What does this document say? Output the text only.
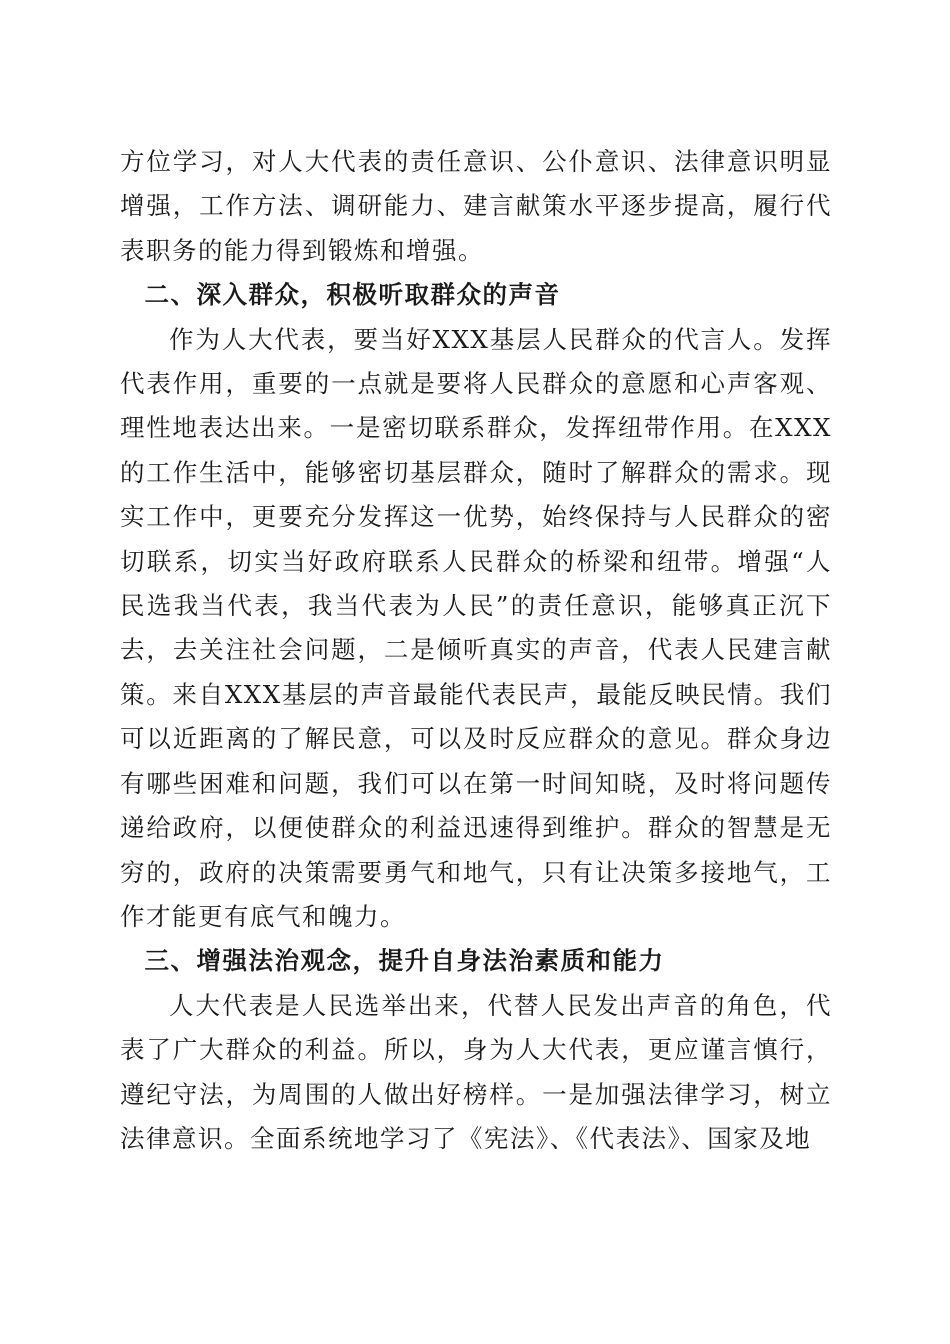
方位学习，对人大代表的责任意识、公仆意识、法律意识明显增强，工作方法、调研能力、建言献策水平逐步提高，履行代表职务的能力得到锻炼和增强。

二、深入群众，积极听取群众的声音

作为人大代表，要当好XXX基层人民群众的代言人。发挥代表作用，重要的一点就是要将人民群众的意愿和心声客观、理性地表达出来。一是密切联系群众，发挥纽带作用。在XXX的工作生活中，能够密切基层群众，随时了解群众的需求。现实工作中，更要充分发挥这一优势，始终保持与人民群众的密切联系，切实当好政府联系人民群众的桥梁和纽带。增强“人民选我当代表，我当代表为人民”的责任意识，能够真正沉下去，去关注社会问题，二是倾听真实的声音，代表人民建言献策。来自XXX基层的声音最能代表民声，最能反映民情。我们可以近距离的了解民意，可以及时反应群众的意见。群众身边有哪些困难和问题，我们可以在第一时间知晓，及时将问题传递给政府，以便使群众的利益迅速得到维护。群众的智慧是无穷的，政府的决策需要勇气和地气，只有让决策多接地气，工作才能更有底气和魄力。

三、增强法治观念，提升自身法治素质和能力

人大代表是人民选举出来，代替人民发出声音的角色，代表了广大群众的利益。所以，身为人大代表，更应谨言慎行，遵纪守法，为周围的人做出好榜样。一是加强法律学习，树立法律意识。全面系统地学习了《宪法》、《代表法》、国家及地
